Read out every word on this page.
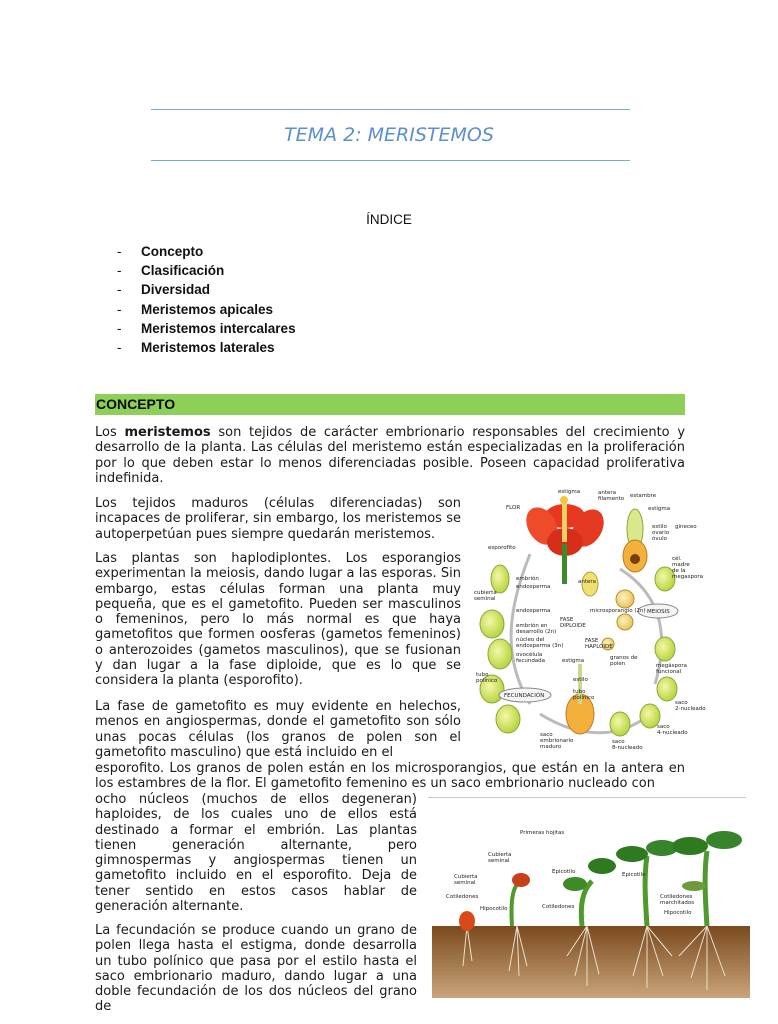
TEMA 2: MERISTEMOS
ÍNDICE
- Concepto
- Clasificación
- Diversidad
- Meristemos apicales
- Meristemos intercalares
- Meristemos laterales
CONCEPTO

Los meristemos son tejidos de carácter embrionario responsables del crecimiento y desarrollo de la planta. Las células del meristemo están especializadas en la proliferación por lo que deben estar lo menos diferenciadas posible. Poseen capacidad proliferativa indefinida.

Los tejidos maduros (células diferenciadas) son incapaces de proliferar, sin embargo, los meristemos se autoperpetúan pues siempre quedarán meristemos.

Las plantas son haplodiplontes. Los esporangios experimentan la meiosis, dando lugar a las esporas. Sin embargo, estas células forman una planta muy pequeña, que es el gametofito. Pueden ser masculinos o femeninos, pero lo más normal es que haya gametofitos que formen oosferas (gametos femeninos) o anterozoides (gametos masculinos), que se fusionan y dan lugar a la fase diploide, que es lo que se considera la planta (esporofito).

La fase de gametofito es muy evidente en helechos, menos en angiospermas, donde el gametofito son sólo unas pocas células (los granos de polen son el gametofito masculino) que está incluido en el

esporofito. Los granos de polen están en los microsporangios, que están en la antera en los estambres de la flor. El gametofito femenino es un saco embrionario nucleado con

ocho núcleos (muchos de ellos degeneran) haploides, de los cuales uno de ellos está destinado a formar el embrión. Las plantas tienen generación alternante, pero gimnospermas y angiospermas tienen un gametofito incluido en el esporofito. Deja de tener sentido en estos casos hablar de generación alternante.

La fecundación se produce cuando un grano de polen llega hasta el estigma, donde desarrolla un tubo polínico que pasa por el estilo hasta el saco embrionario maduro, dando lugar a una doble fecundación de los dos núcleos del grano de

estigma	antera filamento estambre
FLOR	estigma
estilo ovario
óvulo
gineceo
esporofito
cél. madre de la megaspora
embrión
endosperma
cubierta seminal
antera
microsporangio (2n) MEIOSIS
endosperma
FASE DIPLOIDE
embrión en desarrollo (2n)
núcleo del endosperma (3n)
FASE HAPLOIDE
megáspora funcional
ovocélula fecundada	estigma	granos de polen
tubo polínico
FECUNDACIÓN
estilo
tubo polínico
saco 2-nucleado
saco 4-nucleado
saco embrionario maduro
saco 8-nucleado
Primeras hojitas
Cubierta seminal
Epicotilo	Epicotilo
Cubierta seminal
Cotiledones
Hipocotilo	Cotiledones
Cotiledones marchitados
Hipocotilo
